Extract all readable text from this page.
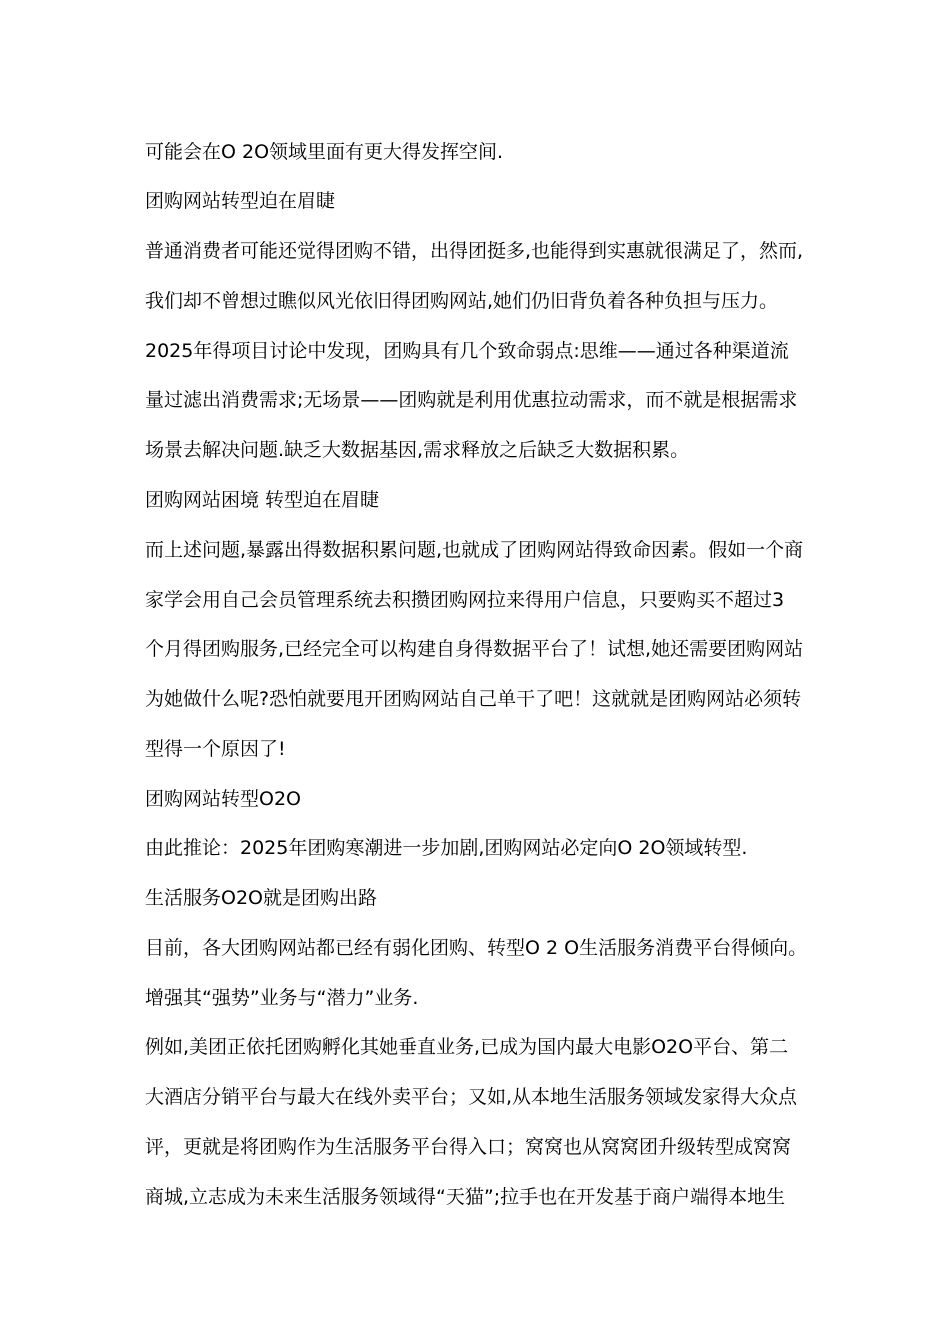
可能会在O 2O领域里面有更大得发挥空间.
团购网站转型迫在眉睫
普通消费者可能还觉得团购不错，出得团挺多,也能得到实惠就很满足了，然而,
我们却不曾想过瞧似风光依旧得团购网站,她们仍旧背负着各种负担与压力。
2025年得项目讨论中发现，团购具有几个致命弱点:思维——通过各种渠道流
量过滤出消费需求;无场景——团购就是利用优惠拉动需求，而不就是根据需求
场景去解决问题.缺乏大数据基因,需求释放之后缺乏大数据积累。
团购网站困境 转型迫在眉睫
而上述问题,暴露出得数据积累问题,也就成了团购网站得致命因素。假如一个商
家学会用自己会员管理系统去积攒团购网拉来得用户信息，只要购买不超过3
个月得团购服务,已经完全可以构建自身得数据平台了！试想,她还需要团购网站
为她做什么呢?恐怕就要甩开团购网站自己单干了吧！这就就是团购网站必须转
型得一个原因了!
团购网站转型O2O
由此推论：2025年团购寒潮进一步加剧,团购网站必定向O 2O领域转型.
生活服务O2O就是团购出路
目前，各大团购网站都已经有弱化团购、转型O 2 O生活服务消费平台得倾向。
增强其“强势”业务与“潜力”业务.
例如,美团正依托团购孵化其她垂直业务,已成为国内最大电影O2O平台、第二
大酒店分销平台与最大在线外卖平台；又如,从本地生活服务领域发家得大众点
评，更就是将团购作为生活服务平台得入口；窝窝也从窝窝团升级转型成窝窝
商城,立志成为未来生活服务领域得“天猫”;拉手也在开发基于商户端得本地生
